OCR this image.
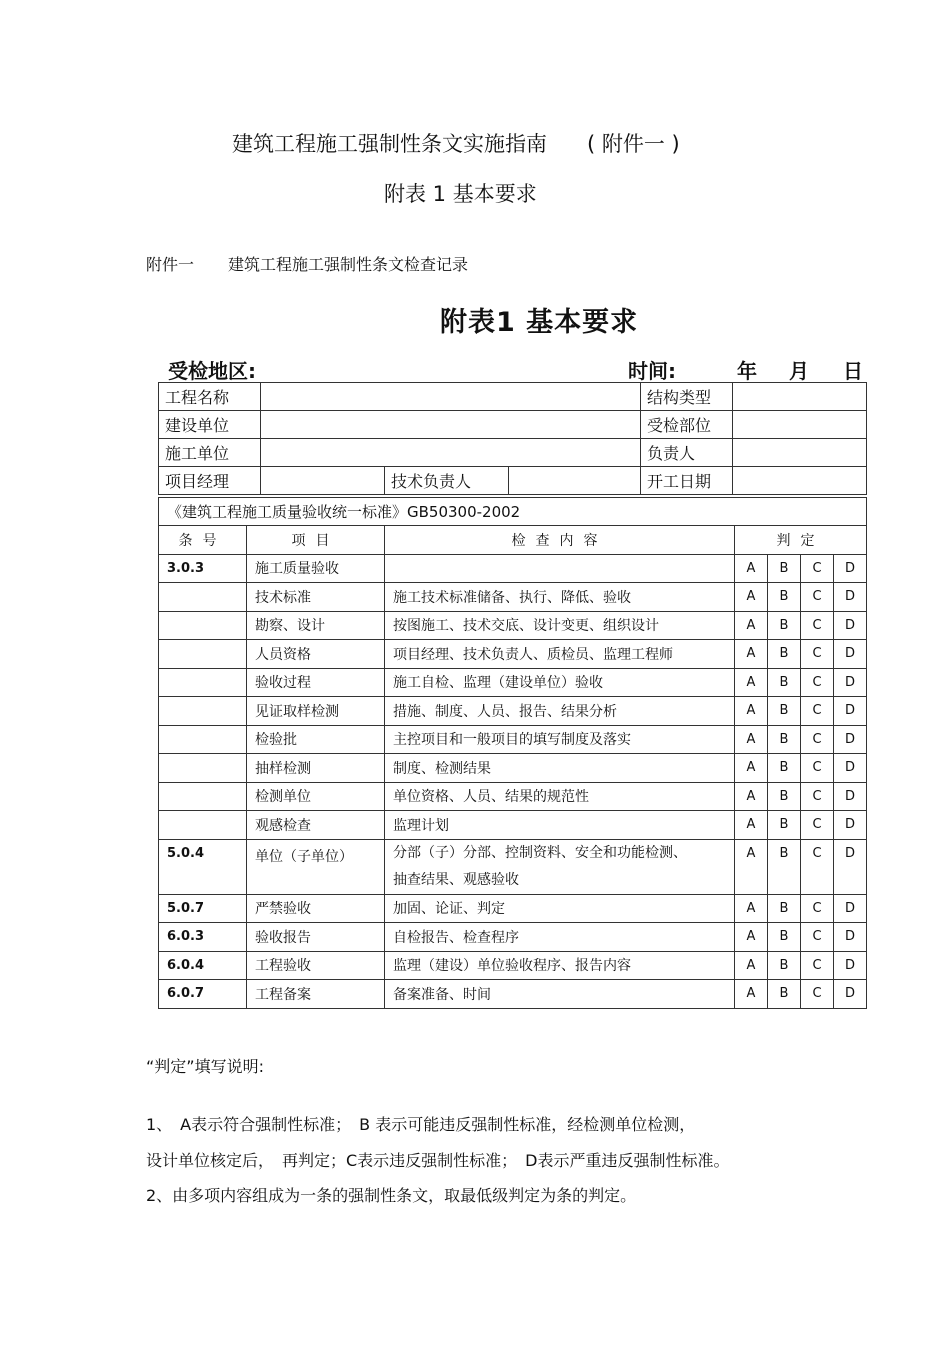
建筑工程施工强制性条文实施指南 ( 附件一 )
附表 1 基本要求
附件一 建筑工程施工强制性条文检查记录
附表1 基本要求
受检地区:	时间:	年 月 日
工程名称				结构类型	
建设单位				受检部位	
施工单位				负责人	
项目经理		技术负责人		开工日期	
《建筑工程施工质量验收统一标准》GB50300-2002						
条号	项目	检查内容	判定			
3.0.3	施工质量验收		A	B	C	D
	技术标准	施工技术标准储备、执行、降低、验收	A	B	C	D
	勘察、设计	按图施工、技术交底、设计变更、组织设计	A	B	C	D
	人员资格	项目经理、技术负责人、质检员、监理工程师	A	B	C	D
	验收过程	施工自检、监理（建设单位）验收	A	B	C	D
	见证取样检测	措施、制度、人员、报告、结果分析	A	B	C	D
	检验批	主控项目和一般项目的填写制度及落实	A	B	C	D
	抽样检测	制度、检测结果	A	B	C	D
	检测单位	单位资格、人员、结果的规范性	A	B	C	D
	观感检查	监理计划	A	B	C	D
5.0.4	单位（子单位）	分部（子）分部、控制资料、安全和功能检测、
抽查结果、观感验收	A	B	C	D
5.0.7	严禁验收	加固、论证、判定	A	B	C	D
6.0.3	验收报告	自检报告、检查程序	A	B	C	D
6.0.4	工程验收	监理（建设）单位验收程序、报告内容	A	B	C	D
6.0.7	工程备案	备案准备、时间	A	B	C	D
“判定”填写说明:
1、　A表示符合强制性标准；　B 表示可能违反强制性标准，经检测单位检测，
设计单位核定后，　再判定；C表示违反强制性标准；　D表示严重违反强制性标准。
2、由多项内容组成为一条的强制性条文，取最低级判定为条的判定。
